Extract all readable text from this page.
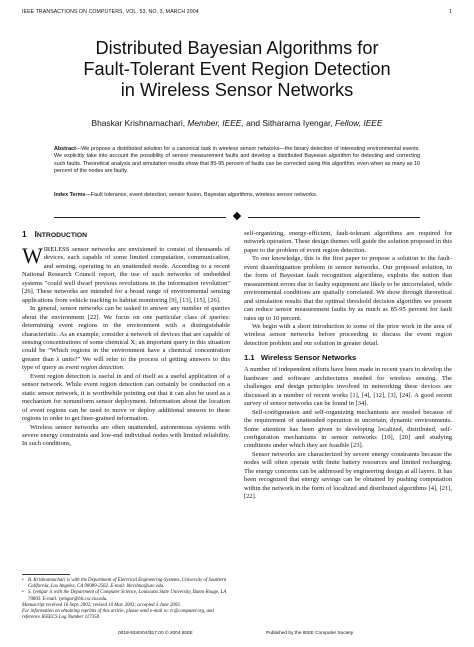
IEEE TRANSACTIONS ON COMPUTERS, VOL. 53, NO. 3, MARCH 2004	1
Distributed Bayesian Algorithms for
Fault-Tolerant Event Region Detection
in Wireless Sensor Networks
Bhaskar Krishnamachari, Member, IEEE, and Sitharama Iyengar, Fellow, IEEE
Abstract—We propose a distributed solution for a canonical task in wireless sensor networks—the binary detection of interesting environmental events. We explicitly take into account the possibility of sensor measurement faults and develop a distributed Bayesian algorithm for detecting and correcting such faults. Theoretical analysis and simulation results show that 85-95 percent of faults can be corrected using this algorithm, even when as many as 10 percent of the nodes are faulty.
Index Terms—Fault tolerance, event detection, sensor fusion, Bayesian algorithms, wireless sensor networks.
1 INTRODUCTION

WIRELESS sensor networks are envisioned to consist of thousands of devices, each capable of some limited computation, communication, and sensing, operating in an unattended mode. According to a recent National Research Council report, the use of such networks of embedded systems "could well dwarf previous revolutions in the information revolution" [26]. These networks are intended for a broad range of environmental sensing applications from vehicle tracking to habitat monitoring [9], [13], [15], [26].

In general, sensor networks can be tasked to answer any number of queries about the environment [22]. We focus on one particular class of queries: determining event regions in the environment with a distinguishable characteristic. As an example, consider a network of devices that are capable of sensing concentrations of some chemical X; an important query in this situation could be "Which regions in the environment have a chemical concentration greater than λ units?" We will refer to the process of getting answers to this type of query as event region detection.

Event region detection is useful in and of itself as a useful application of a sensor network. While event region detection can certainly be conducted on a static sensor network, it is worthwhile pointing out that it can also be used as a mechanism for nonuniform sensor deployment. Information about the location of event regions can be used to move or deploy additional sensors to these regions in order to get finer-grained information.

Wireless sensor networks are often unattended, autonomous systems with severe energy constraints and low-end individual nodes with limited reliability. In such conditions,

• B. Krishnamachari is with the Department of Electrical Engineering-Systems, University of Southern California, Los Angeles, CA 90089-2562. E-mail: bkrishna@usc.edu.

• S. Iyengar is with the Department of Computer Science, Louisiana State University, Baton Rouge, LA 70803. E-mail: iyengar@bit.csc.lsu.edu.

Manuscript received 16 Sept. 2002; revised 10 Mar. 2003; accepted 3 June 2003.

For information on obtaining reprints of this article, please send e-mail to: tc@computer.org, and reference IEEECS Log Number 117358.

self-organizing, energy-efficient, fault-tolerant algorithms are required for network operation. These design themes will guide the solution proposed in this paper to the problem of event region detection.

To our knowledge, this is the first paper to propose a solution to the fault-event disambiguation problem in sensor networks. Our proposed solution, in the form of Bayesian fault recognition algorithms, exploits the notion that measurement errors due to faulty equipment are likely to be uncorrelated, while environmental conditions are spatially correlated. We show through theoretical and simulation results that the optimal threshold decision algorithm we present can reduce sensor measurement faults by as much as 85-95 percent for fault rates up to 10 percent.

We begin with a short introduction to some of the prior work in the area of wireless sensor networks before proceeding to discuss the event region detection problem and our solution in greater detail.

1.1 Wireless Sensor Networks

A number of independent efforts have been made in recent years to develop the hardware and software architectures needed for wireless sensing. The challenges and design principles involved in networking these devices are discussed in a number of recent works [1], [4], [12], [3], [24]. A good recent survey of sensor networks can be found in [34].

Self-configuration and self-organizing mechanisms are needed because of the requirement of unattended operation in uncertain, dynamic environments. Some attention has been given to developing localized, distributed, self-configuration mechanisms in sensor networks [10], [20] and studying conditions under which they are feasible [23].

Sensor networks are characterized by severe energy constraints because the nodes will often operate with finite battery resources and limited recharging. The energy concerns can be addressed by engineering design at all layers. It has been recognized that energy savings can be obtained by pushing computation within the network in the form of localized and distributed algorithms [4], [21], [22].

0018-9340/04/$17.00 © 2004 IEEE	Published by the IEEE Computer Society
